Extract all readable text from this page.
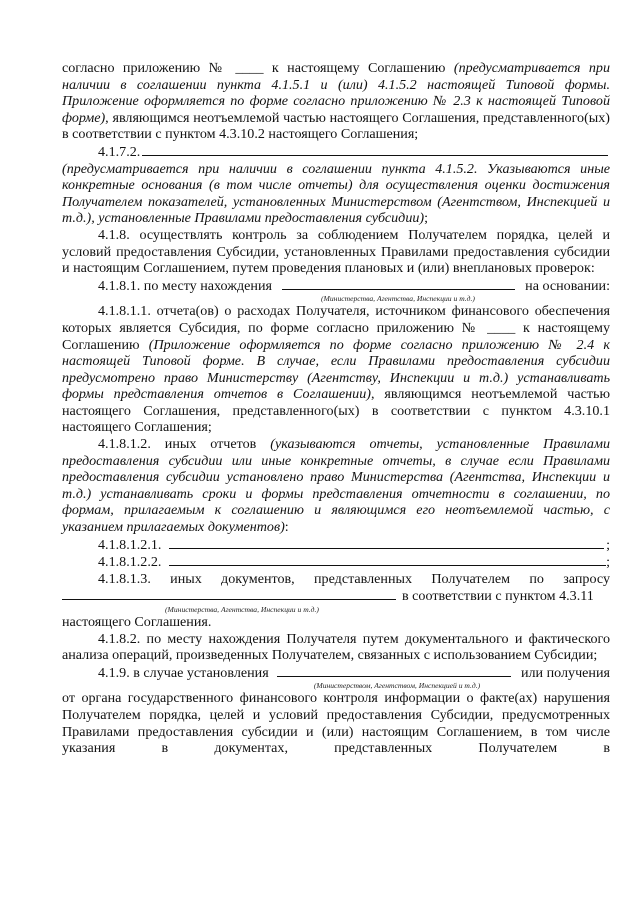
согласно приложению № ____ к настоящему Соглашению (предусматривается при наличии в соглашении пункта 4.1.5.1 и (или) 4.1.5.2 настоящей Типовой формы. Приложение оформляется по форме согласно приложению № 2.3 к настоящей Типовой форме), являющимся неотъемлемой частью настоящего Соглашения, представленного(ых) в соответствии с пунктом 4.3.10.2 настоящего Соглашения;

4.1.7.2.

(предусматривается при наличии в соглашении пункта 4.1.5.2. Указываются иные конкретные основания (в том числе отчеты) для осуществления оценки достижения Получателем показателей, установленных Министерством (Агентством, Инспекцией и т.д.), установленные Правилами предоставления субсидии);

4.1.8. осуществлять контроль за соблюдением Получателем порядка, целей и условий предоставления Субсидии, установленных Правилами предоставления субсидии и настоящим Соглашением, путем проведения плановых и (или) внеплановых проверок:

4.1.8.1. по месту нахождения	на основании:
(Министерства, Агентства, Инспекции и т.д.)

4.1.8.1.1. отчета(ов) о расходах Получателя, источником финансового обеспечения которых является Субсидия, по форме согласно приложению № ____ к настоящему Соглашению (Приложение оформляется по форме согласно приложению № 2.4 к настоящей Типовой форме. В случае, если Правилами предоставления субсидии предусмотрено право Министерству (Агентству, Инспекции и т.д.) устанавливать формы представления отчетов в Соглашении), являющимся неотъемлемой частью настоящего Соглашения, представленного(ых) в соответствии с пунктом 4.3.10.1 настоящего Соглашения;

4.1.8.1.2. иных отчетов (указываются отчеты, установленные Правилами предоставления субсидии или иные конкретные отчеты, в случае если Правилами предоставления субсидии установлено право Министерства (Агентства, Инспекции и т.д.) устанавливать сроки и формы представления отчетности в соглашении, по формам, прилагаемым к соглашению и являющимся его неотъемлемой частью, с указанием прилагаемых документов):

4.1.8.1.2.1.	;
4.1.8.1.2.2.	;

4.1.8.1.3. иных документов, представленных Получателем по запросу

в соответствии с пунктом 4.3.11
(Министерства, Агентства, Инспекции и т.д.)

настоящего Соглашения.

4.1.8.2. по месту нахождения Получателя путем документального и фактического анализа операций, произведенных Получателем, связанных с использованием Субсидии;

4.1.9. в случае установления	или получения
(Министерством, Агентством, Инспекцией и т.д.)

от органа государственного финансового контроля информации о факте(ах) нарушения Получателем порядка, целей и условий предоставления Субсидии, предусмотренных Правилами предоставления субсидии и (или) настоящим Соглашением, в том числе указания в документах, представленных Получателем в
